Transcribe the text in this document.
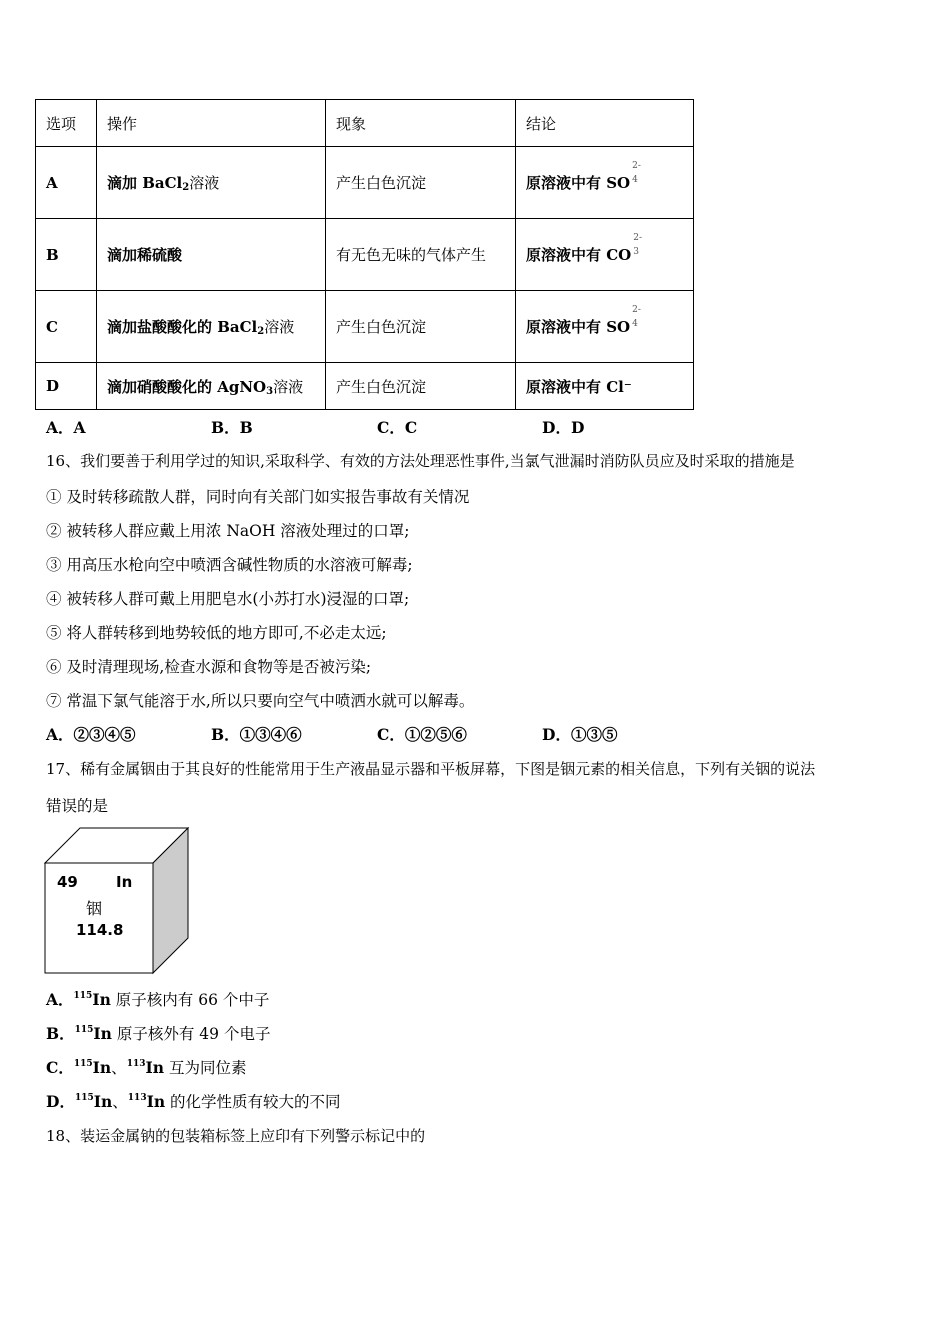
选项	操作	现象	结论
A	滴加 BaCl$_2$溶液	产生白色沉淀	原溶液中有 SO
2-
4

B	滴加稀硫酸	有无色无味的气体产生	原溶液中有 CO
2-
3

C	滴加盐酸酸化的 BaCl$_2$溶液	产生白色沉淀	原溶液中有 SO
2-
4

D	滴加硝酸酸化的 AgNO$_3$溶液	产生白色沉淀	原溶液中有 Cl⁻
A．A	B．B	C．C	D．D
16、我们要善于利用学过的知识,采取科学、有效的方法处理恶性事件,当氯气泄漏时消防队员应及时采取的措施是
① 及时转移疏散人群，同时向有关部门如实报告事故有关情况
② 被转移人群应戴上用浓 NaOH 溶液处理过的口罩;
③ 用高压水枪向空中喷洒含碱性物质的水溶液可解毒;
④ 被转移人群可戴上用肥皂水(小苏打水)浸湿的口罩;
⑤ 将人群转移到地势较低的地方即可,不必走太远;
⑥ 及时清理现场,检查水源和食物等是否被污染;
⑦ 常温下氯气能溶于水,所以只要向空气中喷洒水就可以解毒。
A．②③④⑤	B．①③④⑥	C．①②⑤⑥	D．①③⑤
17、稀有金属铟由于其良好的性能常用于生产液晶显示器和平板屏幕，下图是铟元素的相关信息，下列有关铟的说法
错误的是
49	In
铟
114.8
A．$^{115}$In 原子核内有 66 个中子
B．$^{115}$In 原子核外有 49 个电子
C．$^{115}$In、$^{113}$In 互为同位素
D．$^{115}$In、$^{113}$In 的化学性质有较大的不同
18、装运金属钠的包装箱标签上应印有下列警示标记中的
